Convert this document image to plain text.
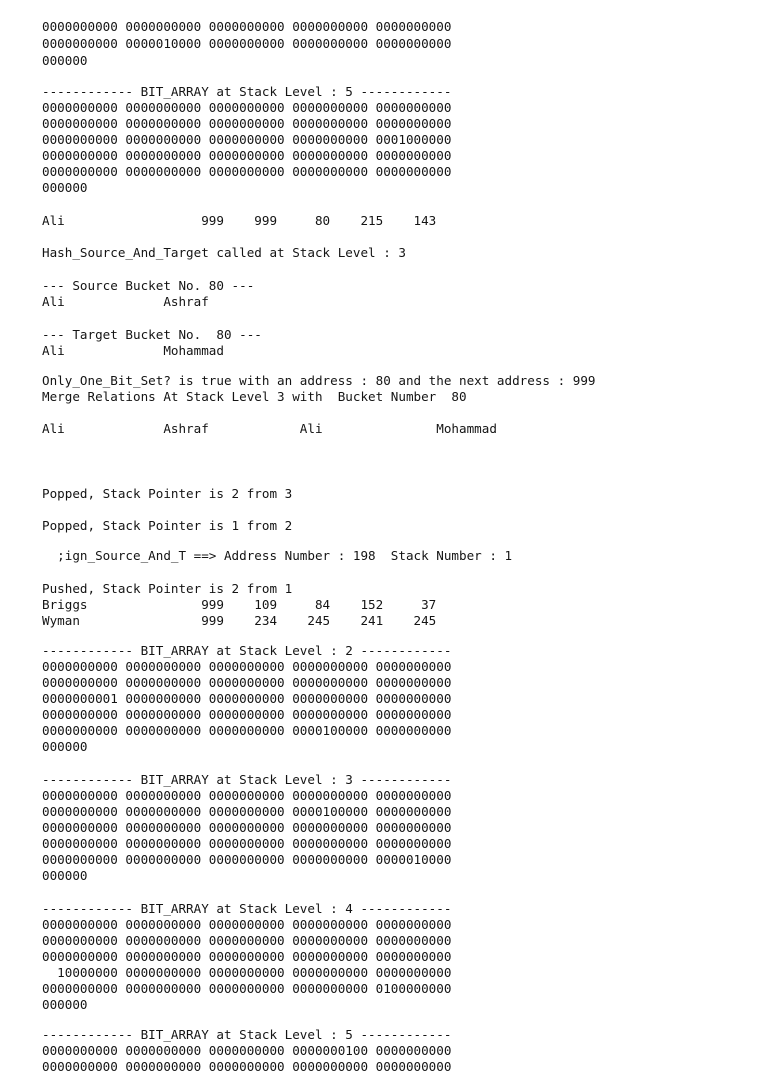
0000000000 0000000000 0000000000 0000000000 0000000000
0000000000 0000010000 0000000000 0000000000 0000000000
000000
------------ BIT_ARRAY at Stack Level : 5 ------------
0000000000 0000000000 0000000000 0000000000 0000000000
0000000000 0000000000 0000000000 0000000000 0000000000
0000000000 0000000000 0000000000 0000000000 0001000000
0000000000 0000000000 0000000000 0000000000 0000000000
0000000000 0000000000 0000000000 0000000000 0000000000
000000
Ali                  999    999     80    215    143
Hash_Source_And_Target called at Stack Level : 3
--- Source Bucket No. 80 ---
Ali             Ashraf
--- Target Bucket No.  80 ---
Ali             Mohammad
Only_One_Bit_Set? is true with an address : 80 and the next address : 999
Merge Relations At Stack Level 3 with  Bucket Number  80
Ali             Ashraf            Ali               Mohammad
Popped, Stack Pointer is 2 from 3
Popped, Stack Pointer is 1 from 2
;ign_Source_And_T ==> Address Number : 198  Stack Number : 1
Pushed, Stack Pointer is 2 from 1
Briggs               999    109     84    152     37
Wyman                999    234    245    241    245
------------ BIT_ARRAY at Stack Level : 2 ------------
0000000000 0000000000 0000000000 0000000000 0000000000
0000000000 0000000000 0000000000 0000000000 0000000000
0000000001 0000000000 0000000000 0000000000 0000000000
0000000000 0000000000 0000000000 0000000000 0000000000
0000000000 0000000000 0000000000 0000100000 0000000000
000000
------------ BIT_ARRAY at Stack Level : 3 ------------
0000000000 0000000000 0000000000 0000000000 0000000000
0000000000 0000000000 0000000000 0000100000 0000000000
0000000000 0000000000 0000000000 0000000000 0000000000
0000000000 0000000000 0000000000 0000000000 0000000000
0000000000 0000000000 0000000000 0000000000 0000010000
000000
------------ BIT_ARRAY at Stack Level : 4 ------------
0000000000 0000000000 0000000000 0000000000 0000000000
0000000000 0000000000 0000000000 0000000000 0000000000
0000000000 0000000000 0000000000 0000000000 0000000000
10000000 0000000000 0000000000 0000000000 0000000000
0000000000 0000000000 0000000000 0000000000 0100000000
000000
------------ BIT_ARRAY at Stack Level : 5 ------------
0000000000 0000000000 0000000000 0000000100 0000000000
0000000000 0000000000 0000000000 0000000000 0000000000
